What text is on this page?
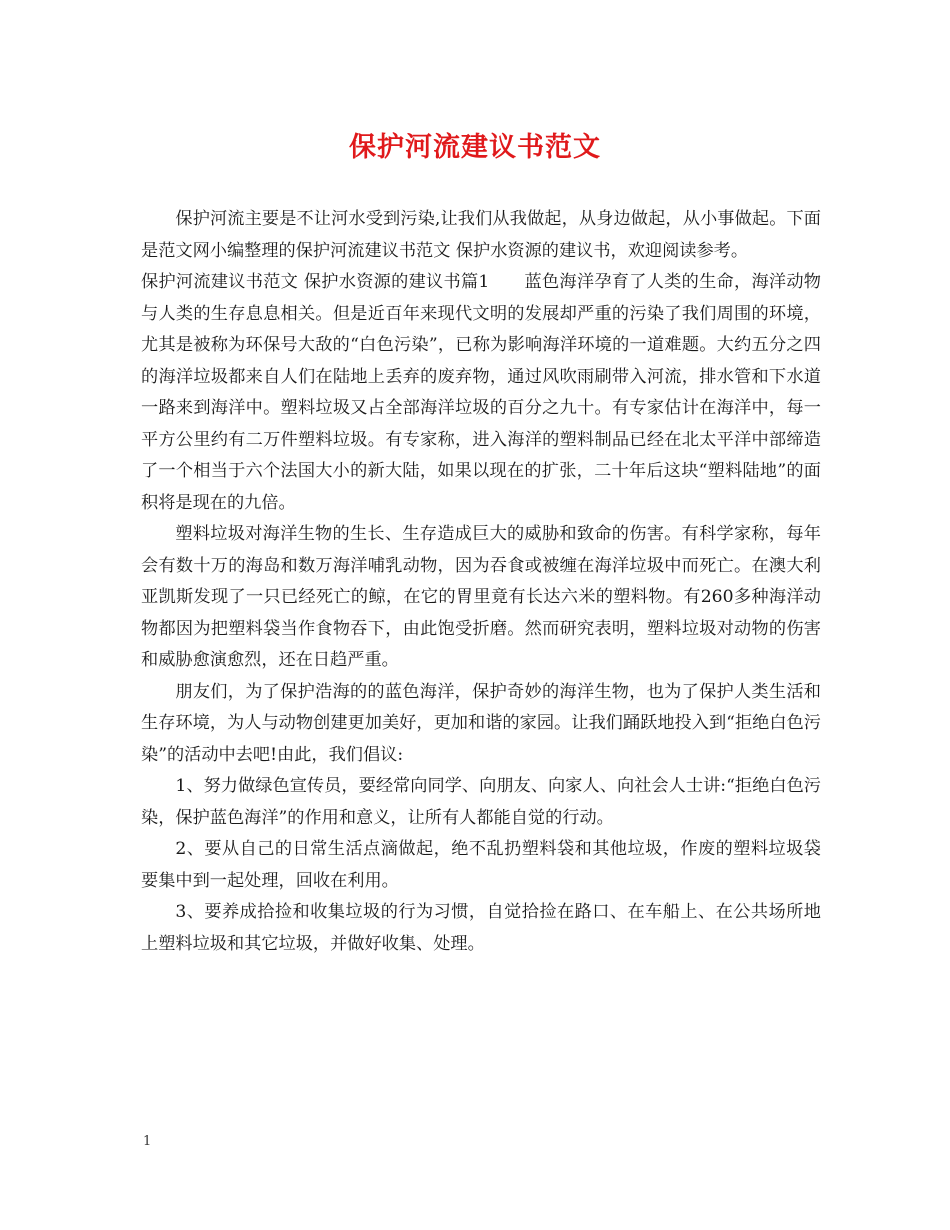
保护河流建议书范文

保护河流主要是不让河水受到污染,让我们从我做起，从身边做起，从小事做起。下面是范文网小编整理的保护河流建议书范文 保护水资源的建议书，欢迎阅读参考。

保护河流建议书范文 保护水资源的建议书篇1　　蓝色海洋孕育了人类的生命，海洋动物与人类的生存息息相关。但是近百年来现代文明的发展却严重的污染了我们周围的环境，尤其是被称为环保号大敌的“白色污染”，已称为影响海洋环境的一道难题。大约五分之四的海洋垃圾都来自人们在陆地上丢弃的废弃物，通过风吹雨刷带入河流，排水管和下水道一路来到海洋中。塑料垃圾又占全部海洋垃圾的百分之九十。有专家估计在海洋中，每一平方公里约有二万件塑料垃圾。有专家称，进入海洋的塑料制品已经在北太平洋中部缔造了一个相当于六个法国大小的新大陆，如果以现在的扩张，二十年后这块“塑料陆地”的面积将是现在的九倍。

塑料垃圾对海洋生物的生长、生存造成巨大的威胁和致命的伤害。有科学家称，每年会有数十万的海岛和数万海洋哺乳动物，因为吞食或被缠在海洋垃圾中而死亡。在澳大利亚凯斯发现了一只已经死亡的鲸，在它的胃里竟有长达六米的塑料物。有260多种海洋动物都因为把塑料袋当作食物吞下，由此饱受折磨。然而研究表明，塑料垃圾对动物的伤害和威胁愈演愈烈，还在日趋严重。

朋友们，为了保护浩海的的蓝色海洋，保护奇妙的海洋生物，也为了保护人类生活和生存环境，为人与动物创建更加美好，更加和谐的家园。让我们踊跃地投入到“拒绝白色污染”的活动中去吧!由此，我们倡议:

1、努力做绿色宣传员，要经常向同学、向朋友、向家人、向社会人士讲:“拒绝白色污染，保护蓝色海洋”的作用和意义，让所有人都能自觉的行动。

2、要从自己的日常生活点滴做起，绝不乱扔塑料袋和其他垃圾，作废的塑料垃圾袋要集中到一起处理，回收在利用。

3、要养成拾捡和收集垃圾的行为习惯，自觉拾捡在路口、在车船上、在公共场所地上塑料垃圾和其它垃圾，并做好收集、处理。

1
